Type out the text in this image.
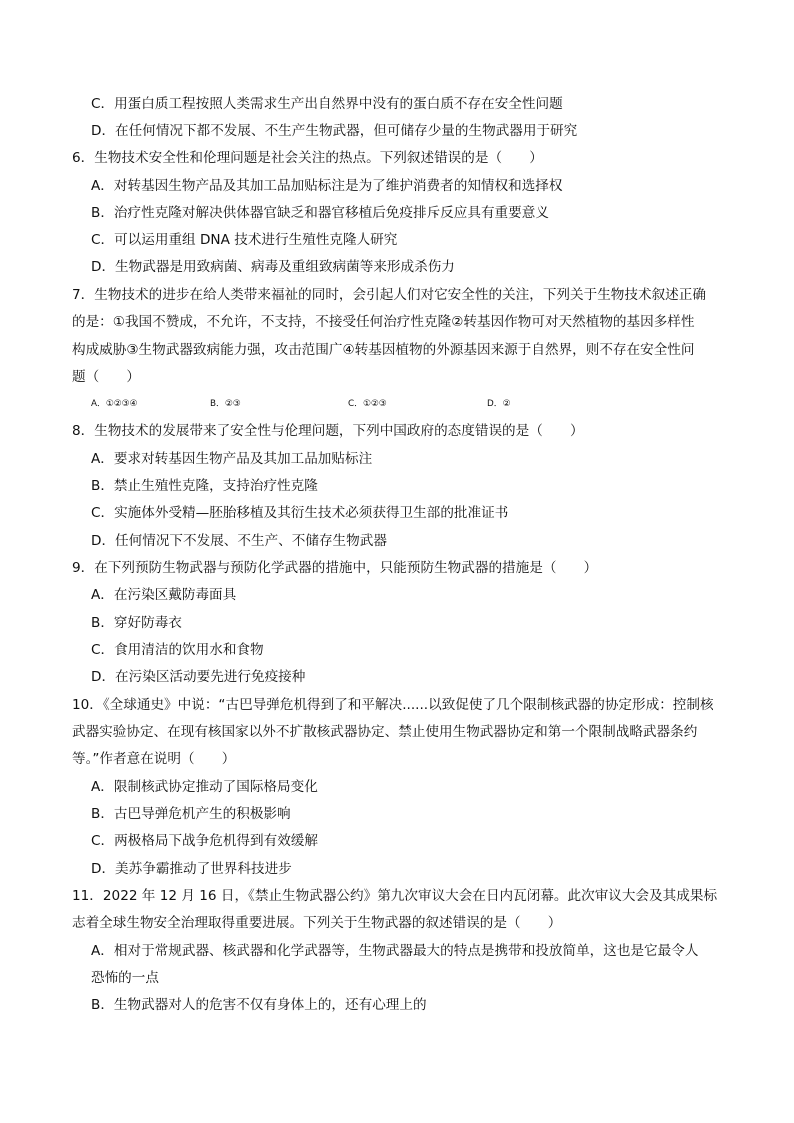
C．用蛋白质工程按照人类需求生产出自然界中没有的蛋白质不存在安全性问题
D．在任何情况下都不发展、不生产生物武器，但可储存少量的生物武器用于研究
6．生物技术安全性和伦理问题是社会关注的热点。下列叙述错误的是（　　）
A．对转基因生物产品及其加工品加贴标注是为了维护消费者的知情权和选择权
B．治疗性克隆对解决供体器官缺乏和器官移植后免疫排斥反应具有重要意义
C．可以运用重组 DNA 技术进行生殖性克隆人研究
D．生物武器是用致病菌、病毒及重组致病菌等来形成杀伤力
7．生物技术的进步在给人类带来福祉的同时，会引起人们对它安全性的关注，下列关于生物技术叙述正确
的是：①我国不赞成，不允许，不支持，不接受任何治疗性克隆②转基因作物可对天然植物的基因多样性
构成威胁③生物武器致病能力强，攻击范围广④转基因植物的外源基因来源于自然界，则不存在安全性问
题（　　）
A．①②③④	B．②③	C．①②③	D．②
8．生物技术的发展带来了安全性与伦理问题，下列中国政府的态度错误的是（　　）
A．要求对转基因生物产品及其加工品加贴标注
B．禁止生殖性克隆，支持治疗性克隆
C．实施体外受精—胚胎移植及其衍生技术必须获得卫生部的批准证书
D．任何情况下不发展、不生产、不储存生物武器
9．在下列预防生物武器与预防化学武器的措施中，只能预防生物武器的措施是（　　）
A．在污染区戴防毒面具
B．穿好防毒衣
C．食用清洁的饮用水和食物
D．在污染区活动要先进行免疫接种
10．《全球通史》中说：“古巴导弹危机得到了和平解决......以致促使了几个限制核武器的协定形成：控制核
武器实验协定、在现有核国家以外不扩散核武器协定、禁止使用生物武器协定和第一个限制战略武器条约
等。”作者意在说明（　　）
A．限制核武协定推动了国际格局变化
B．古巴导弹危机产生的积极影响
C．两极格局下战争危机得到有效缓解
D．美苏争霸推动了世界科技进步
11．2022 年 12 月 16 日，《禁止生物武器公约》第九次审议大会在日内瓦闭幕。此次审议大会及其成果标
志着全球生物安全治理取得重要进展。下列关于生物武器的叙述错误的是（　　）
A．相对于常规武器、核武器和化学武器等，生物武器最大的特点是携带和投放简单，这也是它最令人
恐怖的一点
B．生物武器对人的危害不仅有身体上的，还有心理上的
